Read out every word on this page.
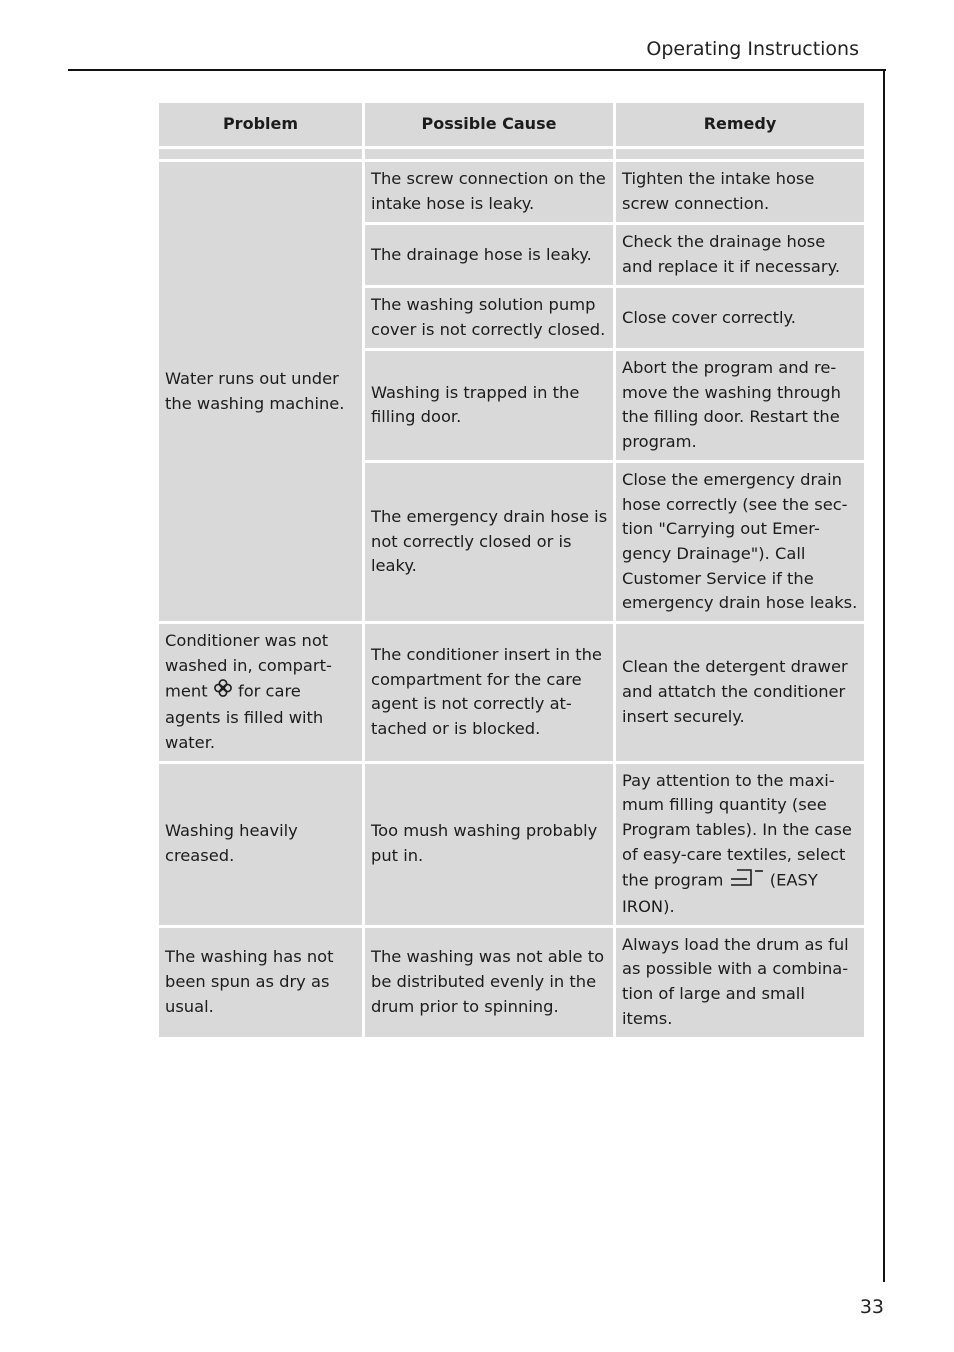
Operating Instructions
Problem	Possible Cause	Remedy

Water runs out under the washing machine.	The screw connection on the intake hose is leaky.	Tighten the intake hose screw connection.
	The drainage hose is leaky.	Check the drainage hose and replace it if necessary.
	The washing solution pump cover is not correctly closed.	Close cover correctly.
	Washing is trapped in the filling door.	Abort the program and re-move the washing through the filling door. Restart the program.
	The emergency drain hose is not correctly closed or is leaky.	Close the emergency drain hose correctly (see the sec-tion "Carrying out Emer-gency Drainage"). Call Customer Service if the emergency drain hose leaks.
Conditioner was not washed in, compart-ment for care agents is filled with water.	The conditioner insert in the compartment for the care agent is not correctly at-tached or is blocked.	Clean the detergent drawer and attatch the conditioner insert securely.
Washing heavily creased.	Too mush washing probably put in.	Pay attention to the maxi-mum filling quantity (see Program tables). In the case of easy-care textiles, select the program (EASY IRON).
The washing has not been spun as dry as usual.	The washing was not able to be distributed evenly in the drum prior to spinning.	Always load the drum as ful as possible with a combina-tion of large and small items.
33
